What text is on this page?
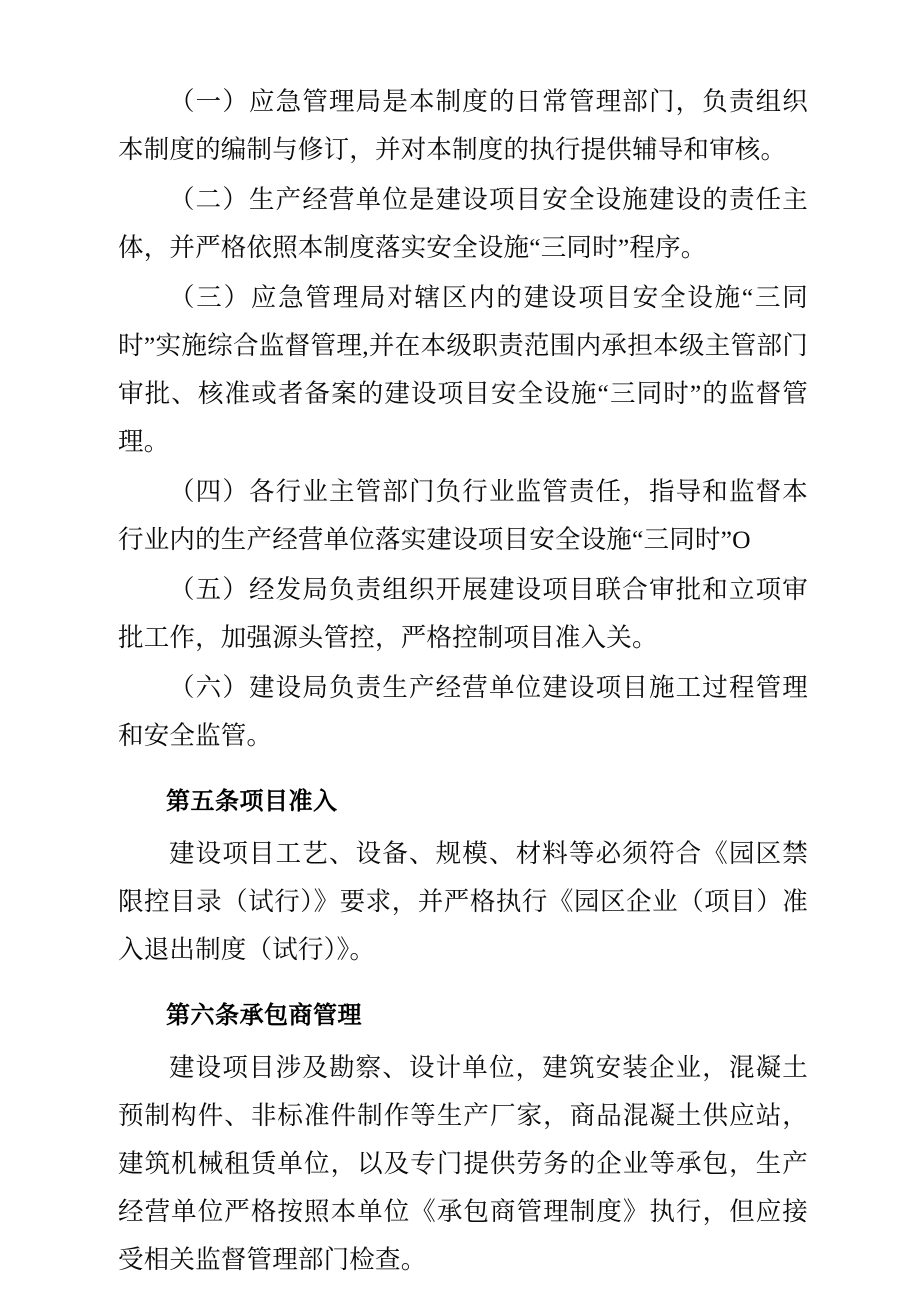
（一）应急管理局是本制度的日常管理部门，负责组织本制度的编制与修订，并对本制度的执行提供辅导和审核。

（二）生产经营单位是建设项目安全设施建设的责任主体，并严格依照本制度落实安全设施“三同时”程序。

（三）应急管理局对辖区内的建设项目安全设施“三同时”实施综合监督管理,并在本级职责范围内承担本级主管部门审批、核准或者备案的建设项目安全设施“三同时”的监督管理。

（四）各行业主管部门负行业监管责任，指导和监督本行业内的生产经营单位落实建设项目安全设施“三同时”O

（五）经发局负责组织开展建设项目联合审批和立项审批工作，加强源头管控，严格控制项目准入关。

（六）建设局负责生产经营单位建设项目施工过程管理和安全监管。

第五条项目准入

建设项目工艺、设备、规模、材料等必须符合《园区禁限控目录（试行）》要求，并严格执行《园区企业（项目）准入退出制度（试行）》。

第六条承包商管理

建设项目涉及勘察、设计单位，建筑安装企业，混凝土预制构件、非标准件制作等生产厂家，商品混凝土供应站，建筑机械租赁单位，以及专门提供劳务的企业等承包，生产经营单位严格按照本单位《承包商管理制度》执行，但应接受相关监督管理部门检查。
